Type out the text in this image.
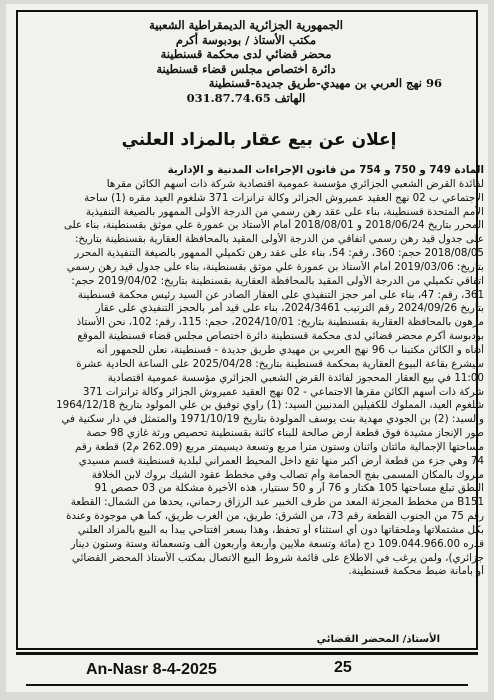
الجمهورية الجزائرية الديمقراطية الشعبية
مكتب الأستاذ / بودبوسة أكرم
محضر قضائي لدى محكمة قسنطينة
دائرة اختصاص مجلس قضاء قسنطينة
96 نهج العربي بن مهيدي-طريق جديدة-قسنطينة
الهاتف 031.87.74.65
إعلان عن بيع عقار بالمزاد العلني
المادة 749 و 750 و 754 من قانون الإجراءات المدنية و الإدارية
لفائدة القرض الشعبي الجزائري مؤسسة عمومية اقتصادية شركة ذات أسهم الكائن مقرها
الاجتماعي ب 02 نهج العقيد عميروش الجزائر وكالة ترانزات 371 شلغوم العيد مقره (1) ساحة
الأمم المتحدة قسنطينة، بناء على عقد رهن رسمي من الدرجة الأولى الممهور بالصيغة التنفيذية
المحرر بتاريخ 2018/06/24 و 2018/08/01 أمام الأستاذ بن عمورة علي موثق بقسنطينة، بناء على
على جدول قيد رهن رسمي اتفاقي من الدرجة الأولى المقيد بالمحافظة العقارية بقسنطينة بتاريخ:
2018/08/05 حجم: 360، رقم: 54، بناء على عقد رهن تكميلي الممهور بالصيغة التنفيذية المحرر
بتاريخ: 2019/03/06 أمام الأستاذ بن عمورة علي موثق بقسنطينة، بناء على جدول قيد رهن رسمي
اتفاقي تكميلي من الدرجة الأولى المقيد بالمحافظة العقارية بقسنطينة بتاريخ: 2019/04/02 حجم:
361، رقم: 47، بناء على أمر حجز التنفيذي على العقار الصادر عن السيد رئيس محكمة قسنطينة
بتاريخ 2024/09/26 رقم الترتيب 2024/3461، بناء على قيد أمر بالحجز التنفيذي على عقار
مرهون بالمحافظة العقارية بقسنطينة بتاريخ: 2024/10/01، حجم: 115، رقم: 102، نحن الأستاذ
بودبوسة أكرم محضر قضائي لدى محكمة قسنطينة دائرة اختصاص مجلس قضاء قسنطينة الموقع
أدناه و الكائن مكتبنا ب 96 نهج العربي بن مهيدي طريق جديدة - قسنطينة، نعلن للجمهور أنه
سيشرع بقاعة البيوع العقارية بمحكمة قسنطينة بتاريخ: 2025/04/28 على الساعة الحادية عشرة
11:00 في بيع العقار المحجوز لفائدة القرض الشعبي الجزائري مؤسسة عمومية اقتصادية
شركة ذات أسهم الكائن مقرها الاجتماعي - 02 نهج العقيد عميروش الجزائر وكالة ترانزات 371
شلغوم العيد، المملوك للكفيلين المدنيين السيد: (1) راوي توفيق بن علي المولود بتاريخ 1964/12/18
والسيد: (2) بن الجودي مهدية بنت يوسف المولودة بتاريخ 1971/10/19 والمتمثل في دار سكنية في
طور الإنجاز مشيدة فوق قطعة أرض صالحة للبناء كائنة بقسنطينة تحصيص ورثة غازي 98 حصة
مساحتها الإجمالية مائتان واثنان وستون مترا مربع وتسعة ديسيمتر مربع (262.09 م2) قطعة رقم
74 وهي جزء من قطعة أرض أكبر منها تقع داخل المحيط العمراني لبلدية قسنطينة قسم مسيدي
مبروك بالمكان المسمى بفج الحمامة وأم تصالب وفي مخطط عقود الشيك بروك لابن الخلافة
النطق تبلغ مساحتها 105 هكتار و 76 آر و 50 سنتيار، هذه الأخيرة مشكلة من 03 حصص 91
B151 من مخطط المجزئة المعد من طرف الخبير عبد الرزاق رحماني، يحدها من الشمال: القطعة
رقم 75 من الجنوب القطعة رقم 73، من الشرق: طريق، من الغرب طريق، كما هي موجودة وعندة
بكل مشتملاتها وملحقاتها دون أي استثناء أو تحفظ، وهذا بسعر افتتاحي يبدأ به البيع بالمزاد العلني
قدره 109.044.966.00 دج (مائة وتسعة ملايين وأربعة وأربعون ألف وتسعمائة وستة وستون دينار
جزائري)، ولمن يرغب في الاطلاع على قائمة شروط البيع الاتصال بمكتب الأستاذ المحضر القضائي
أو بأمانة ضبط محكمة قسنطينة.
الأستاذ/ المحضر القضائي
An-Nasr 8-4-2025	25
